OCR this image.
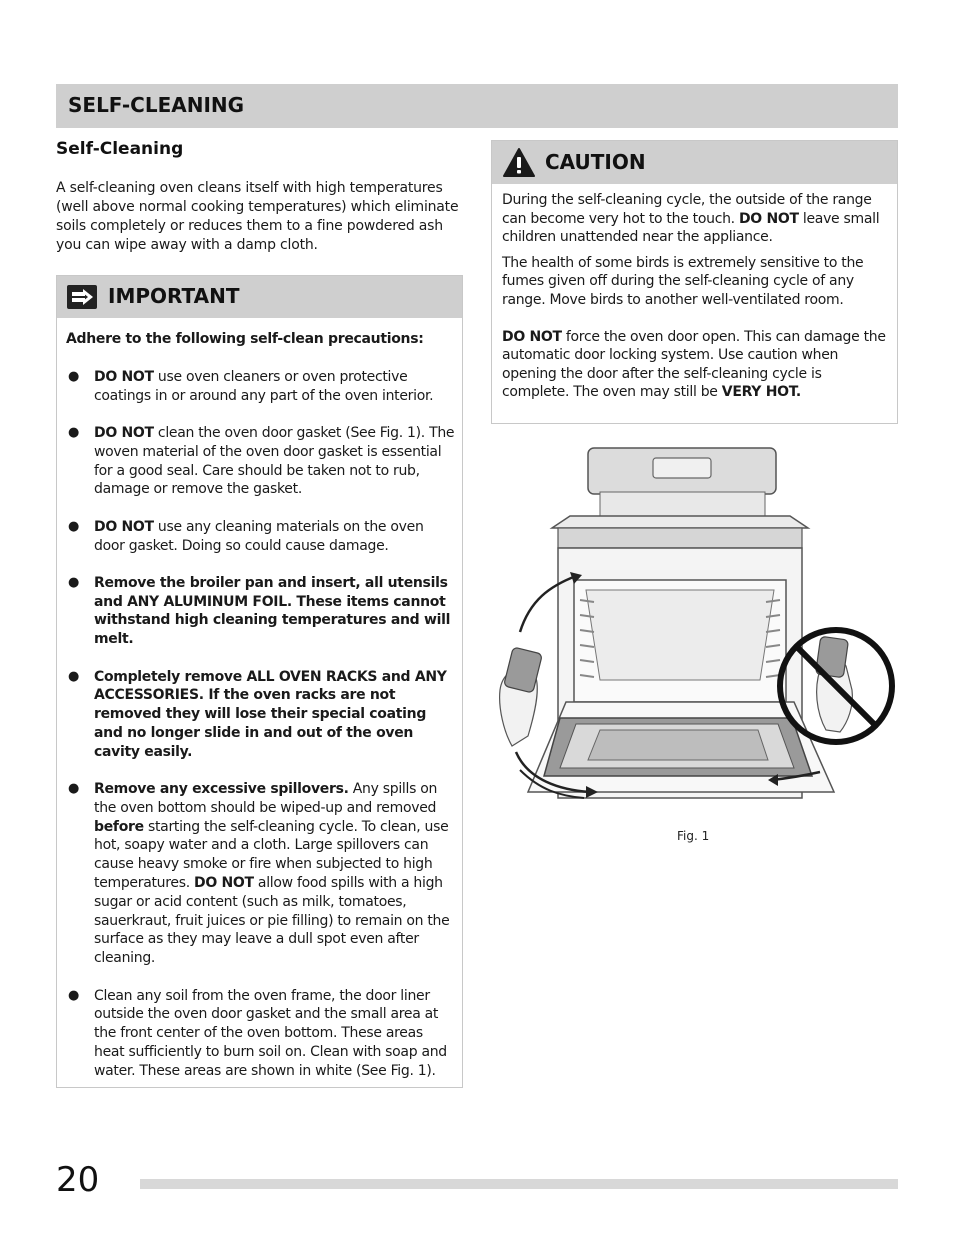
SELF-CLEANING
Self-Cleaning

A self-cleaning oven cleans itself with high temperatures (well above normal cooking temperatures) which eliminate soils completely or reduces them to a fine powdered ash you can wipe away with a damp cloth.

IMPORTANT

Adhere to the following self-clean precautions:

● DO NOT use oven cleaners or oven protective coatings in or around any part of the oven interior.
● DO NOT clean the oven door gasket (See Fig. 1). The woven material of the oven door gasket is essential for a good seal. Care should be taken not to rub, damage or remove the gasket.
● DO NOT use any cleaning materials on the oven door gasket. Doing so could cause damage.
● Remove the broiler pan and insert, all utensils and ANY ALUMINUM FOIL. These items cannot withstand high cleaning temperatures and will melt.
● Completely remove ALL OVEN RACKS and ANY ACCESSORIES. If the oven racks are not removed they will lose their special coating and no longer slide in and out of the oven cavity easily.
● Remove any excessive spillovers. Any spills on the oven bottom should be wiped-up and removed before starting the self-cleaning cycle. To clean, use hot, soapy water and a cloth. Large spillovers can cause heavy smoke or fire when subjected to high temperatures. DO NOT allow food spills with a high sugar or acid content (such as milk, tomatoes, sauerkraut, fruit juices or pie filling) to remain on the surface as they may leave a dull spot even after cleaning.
● Clean any soil from the oven frame, the door liner outside the oven door gasket and the small area at the front center of the oven bottom. These areas heat sufficiently to burn soil on. Clean with soap and water. These areas are shown in white (See Fig. 1).
CAUTION

During the self-cleaning cycle, the outside of the range can become very hot to the touch. DO NOT leave small children unattended near the appliance.

The health of some birds is extremely sensitive to the fumes given off during the self-cleaning cycle of any range. Move birds to another well-ventilated room.

DO NOT force the oven door open. This can damage the automatic door locking system. Use caution when opening the door after the self-cleaning cycle is complete. The oven may still be VERY HOT.

Fig. 1
20
